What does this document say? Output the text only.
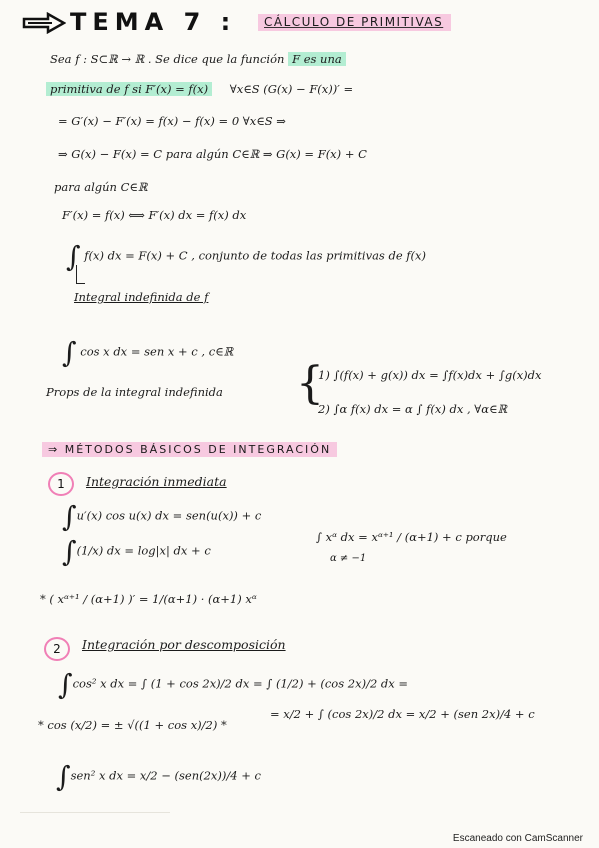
TEMA 7 :	CÁLCULO DE PRIMITIVAS
Sea f : S⊂ℝ → ℝ . Se dice que la función F es una
primitiva de f si F′(x) = f(x) ∀x∈S (G(x) − F(x))′ =
= G′(x) − F′(x) = f(x) − f(x) = 0 ∀x∈S ⇒
⇒ G(x) − F(x) = C para algún C∈ℝ ⇒ G(x) = F(x) + C
para algún C∈ℝ
F′(x) = f(x) ⟺ F′(x) dx = f(x) dx
∫ f(x) dx = F(x) + C , conjunto de todas las primitivas de f(x)
Integral indefinida de f
∫ cos x dx = sen x + c , c∈ℝ
Props de la integral indefinida {
1) ∫(f(x) + g(x)) dx = ∫f(x)dx + ∫g(x)dx
2) ∫α f(x) dx = α ∫ f(x) dx , ∀α∈ℝ
⇒ MÉTODOS BÁSICOS DE INTEGRACIÓN
1	Integración inmediata
∫u′(x) cos u(x) dx = sen(u(x)) + c
∫(1/x) dx = log|x| dx + c
∫ xᵅ dx = xᵅ⁺¹ / (α+1) + c porque
α ≠ −1
* ( xᵅ⁺¹ / (α+1) )′ = 1/(α+1) · (α+1) xᵅ
2	Integración por descomposición
∫cos² x dx = ∫ (1 + cos 2x)/2 dx = ∫ (1/2) + (cos 2x)/2 dx =
* cos (x/2) = ± √((1 + cos x)/2) *
= x/2 + ∫ (cos 2x)/2 dx = x/2 + (sen 2x)/4 + c
∫sen² x dx = x/2 − (sen(2x))/4 + c
Escaneado con CamScanner
